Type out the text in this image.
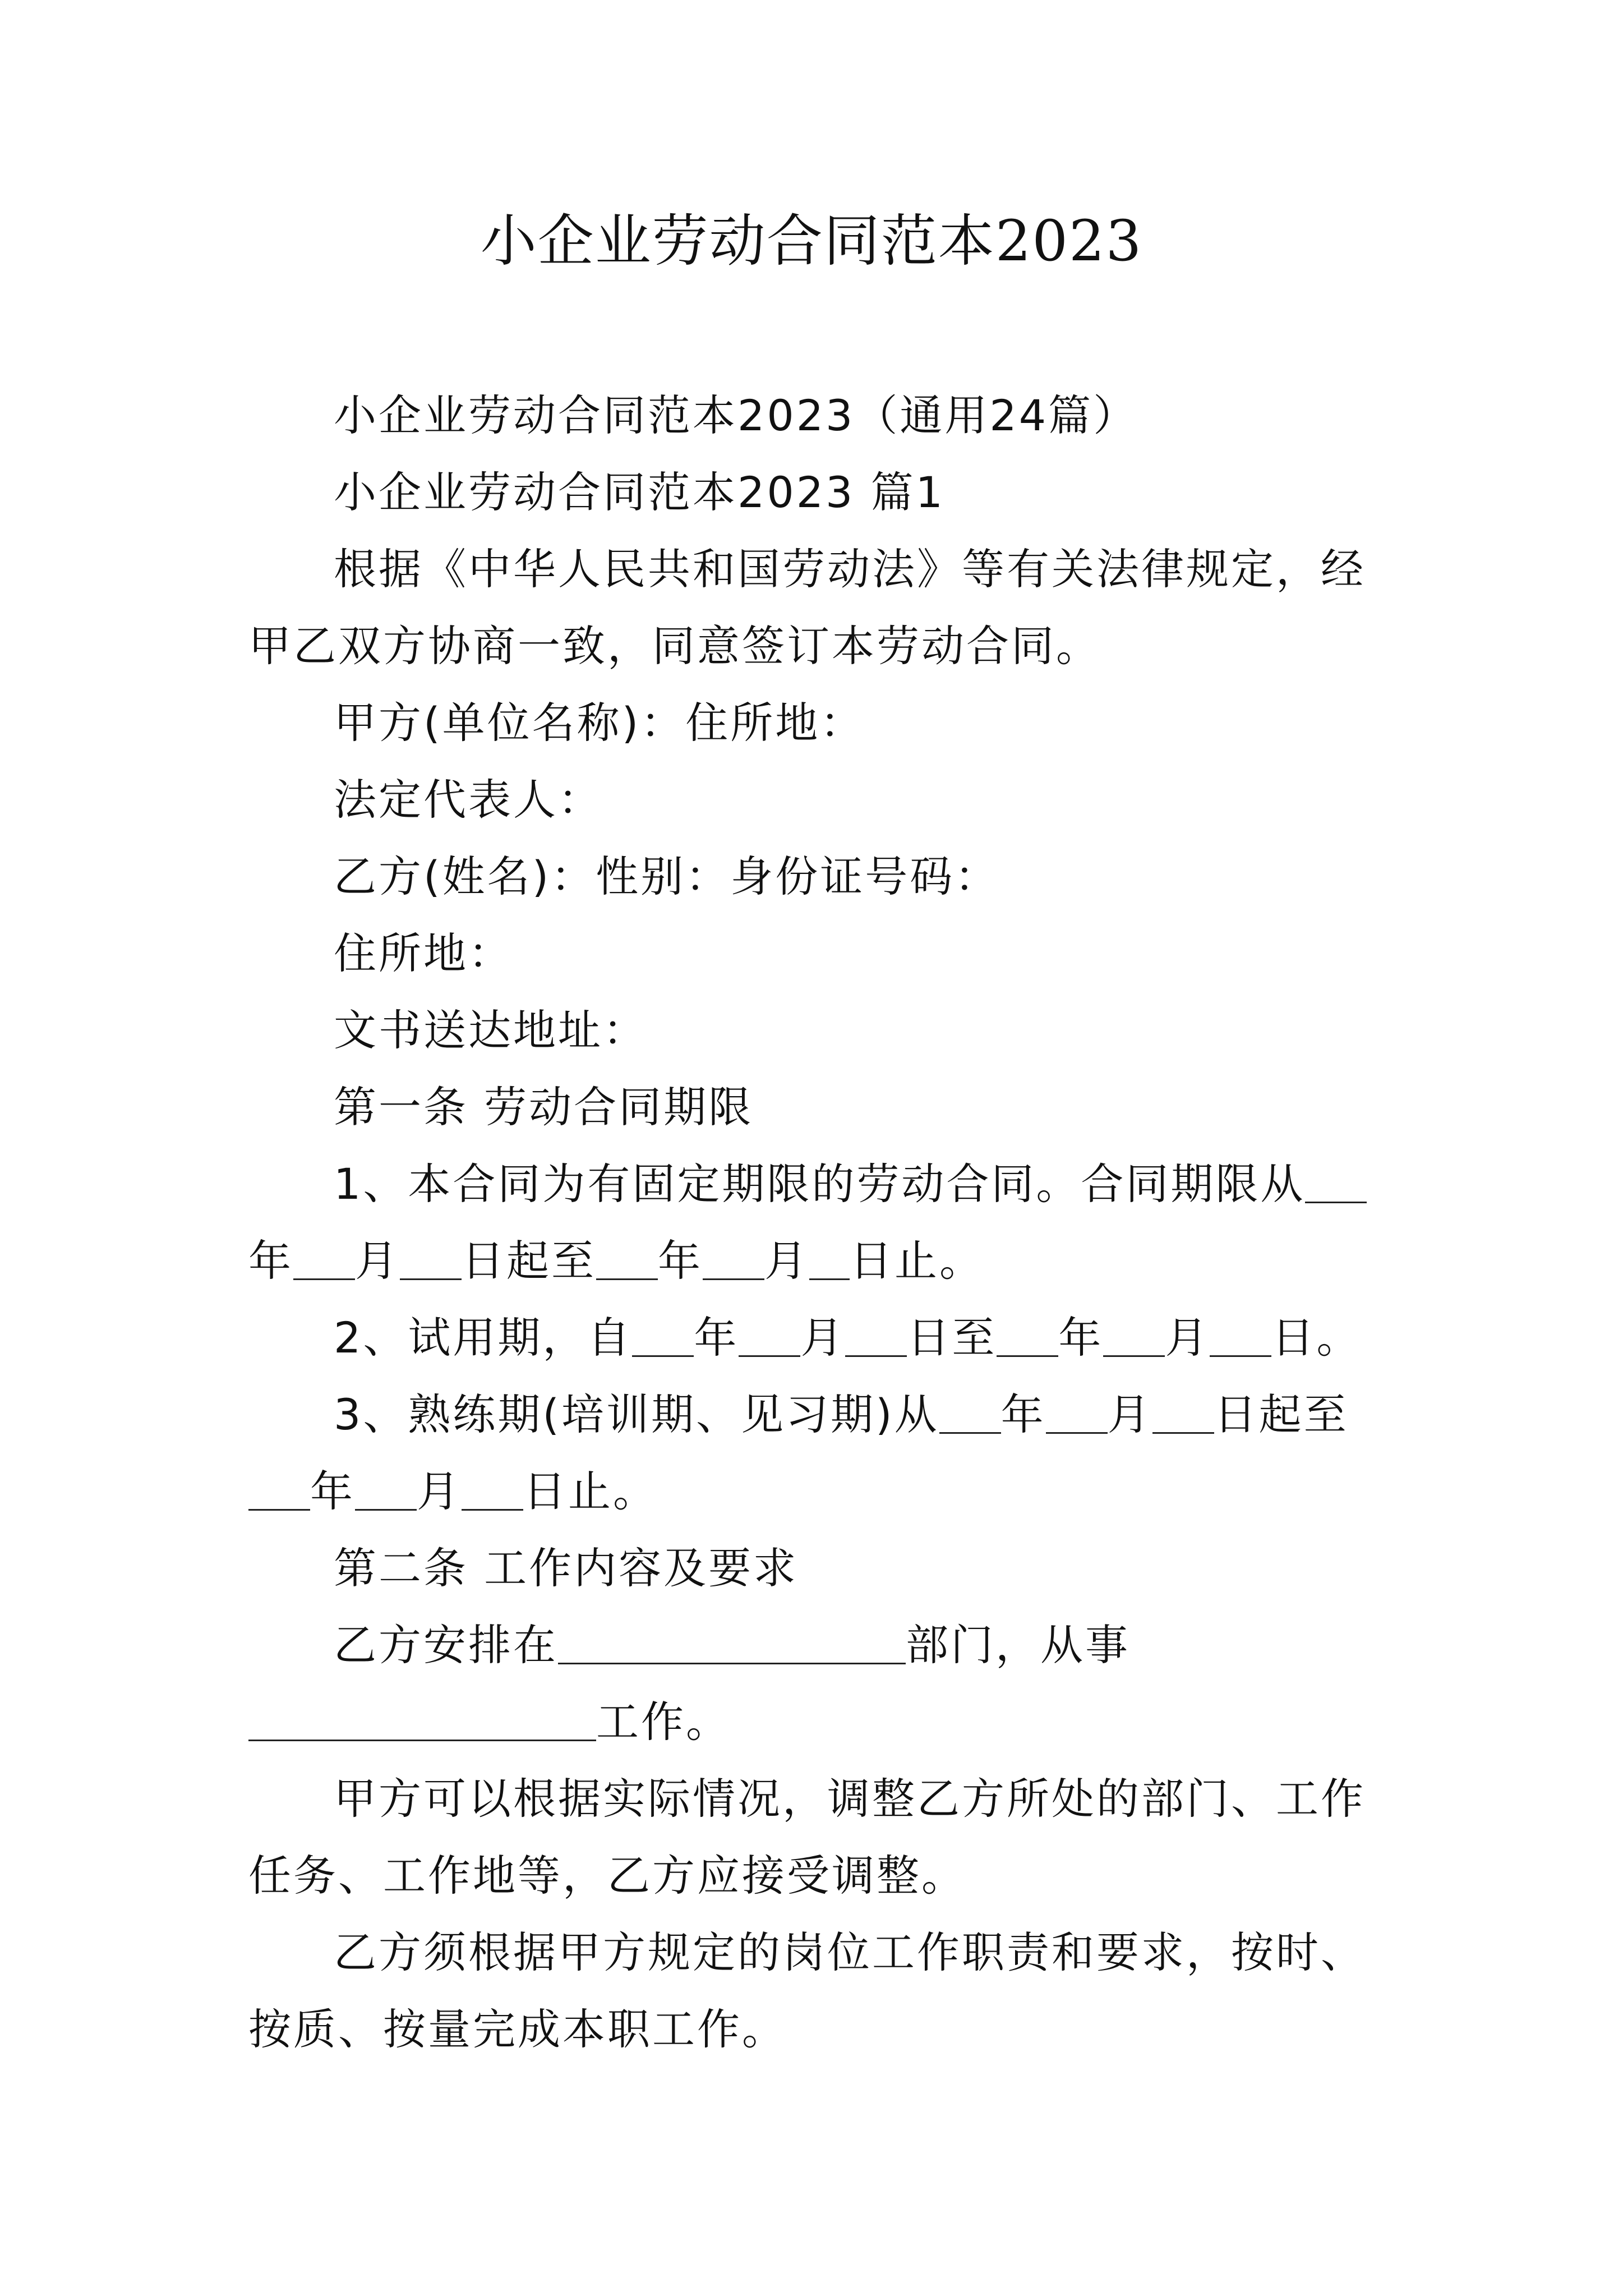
小企业劳动合同范本2023

小企业劳动合同范本2023（通用24篇）

小企业劳动合同范本2023 篇1

根据《中华人民共和国劳动法》等有关法律规定，经甲乙双方协商一致，同意签订本劳动合同。

甲方(单位名称)：住所地：

法定代表人：

乙方(姓名)：性别：身份证号码：

住所地：

文书送达地址：

第一条 劳动合同期限

1、本合同为有固定期限的劳动合同。合同期限从年 月 日起至 年 月 日止。

2、试用期，自 年 月 日至 年 月 日。

3、熟练期(培训期、见习期)从 年 月 日起至年 月 日止。

第二条 工作内容及要求

乙方安排在	部门，从事工作。

甲方可以根据实际情况，调整乙方所处的部门、工作任务、工作地等，乙方应接受调整。

乙方须根据甲方规定的岗位工作职责和要求，按时、按质、按量完成本职工作。
